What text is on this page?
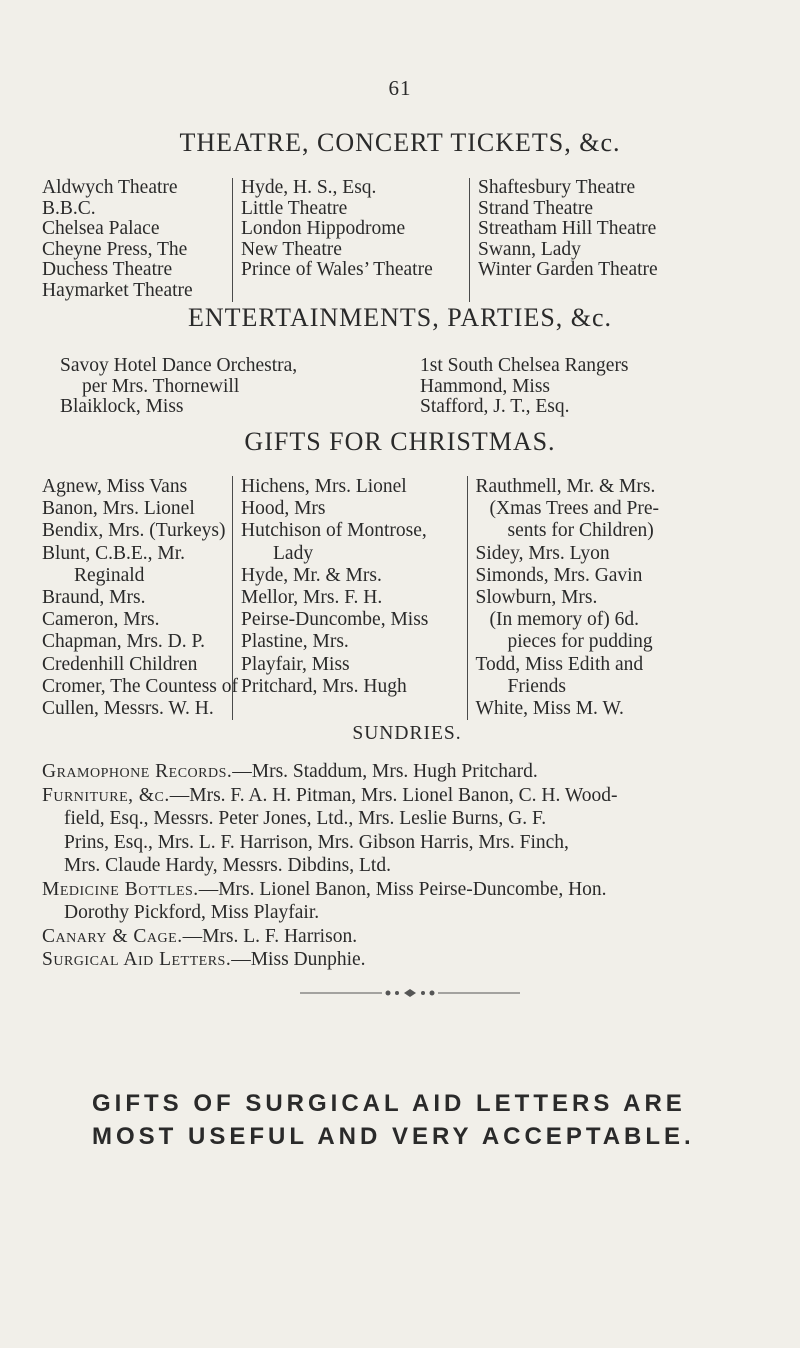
61
THEATRE, CONCERT TICKETS, &c.
Aldwych Theatre
B.B.C.
Chelsea Palace
Cheyne Press, The
Duchess Theatre
Haymarket Theatre
Hyde, H. S., Esq.
Little Theatre
London Hippodrome
New Theatre
Prince of Wales’ Theatre

Shaftesbury Theatre
Strand Theatre
Streatham Hill Theatre
Swann, Lady
Winter Garden Theatre

ENTERTAINMENTS, PARTIES, &c.
Savoy Hotel Dance Orchestra,
per Mrs. Thornewill
Blaiklock, Miss
1st South Chelsea Rangers
Hammond, Miss
Stafford, J. T., Esq.
GIFTS FOR CHRISTMAS.
Agnew, Miss Vans
Banon, Mrs. Lionel
Bendix, Mrs. (Turkeys)
Blunt, C.B.E., Mr.
Reginald
Braund, Mrs.
Cameron, Mrs.
Chapman, Mrs. D. P.
Credenhill Children
Cromer, The Countess of
Cullen, Messrs. W. H.
Hichens, Mrs. Lionel
Hood, Mrs
Hutchison of Montrose,
Lady
Hyde, Mr. & Mrs.
Mellor, Mrs. F. H.
Peirse-Duncombe, Miss
Plastine, Mrs.
Playfair, Miss
Pritchard, Mrs. Hugh

Rauthmell, Mr. & Mrs.
(Xmas Trees and Pre-
sents for Children)
Sidey, Mrs. Lyon
Simonds, Mrs. Gavin
Slowburn, Mrs.
(In memory of) 6d.
pieces for pudding
Todd, Miss Edith and
Friends
White, Miss M. W.
SUNDRIES.
Gramophone Records.—Mrs. Staddum, Mrs. Hugh Pritchard.
Furniture, &c.—Mrs. F. A. H. Pitman, Mrs. Lionel Banon, C. H. Wood-
field, Esq., Messrs. Peter Jones, Ltd., Mrs. Leslie Burns, G. F.
Prins, Esq., Mrs. L. F. Harrison, Mrs. Gibson Harris, Mrs. Finch,
Mrs. Claude Hardy, Messrs. Dibdins, Ltd.
Medicine Bottles.—Mrs. Lionel Banon, Miss Peirse-Duncombe, Hon.
Dorothy Pickford, Miss Playfair.
Canary & Cage.—Mrs. L. F. Harrison.
Surgical Aid Letters.—Miss Dunphie.
GIFTS OF SURGICAL AID LETTERS ARE
MOST USEFUL AND VERY ACCEPTABLE.
